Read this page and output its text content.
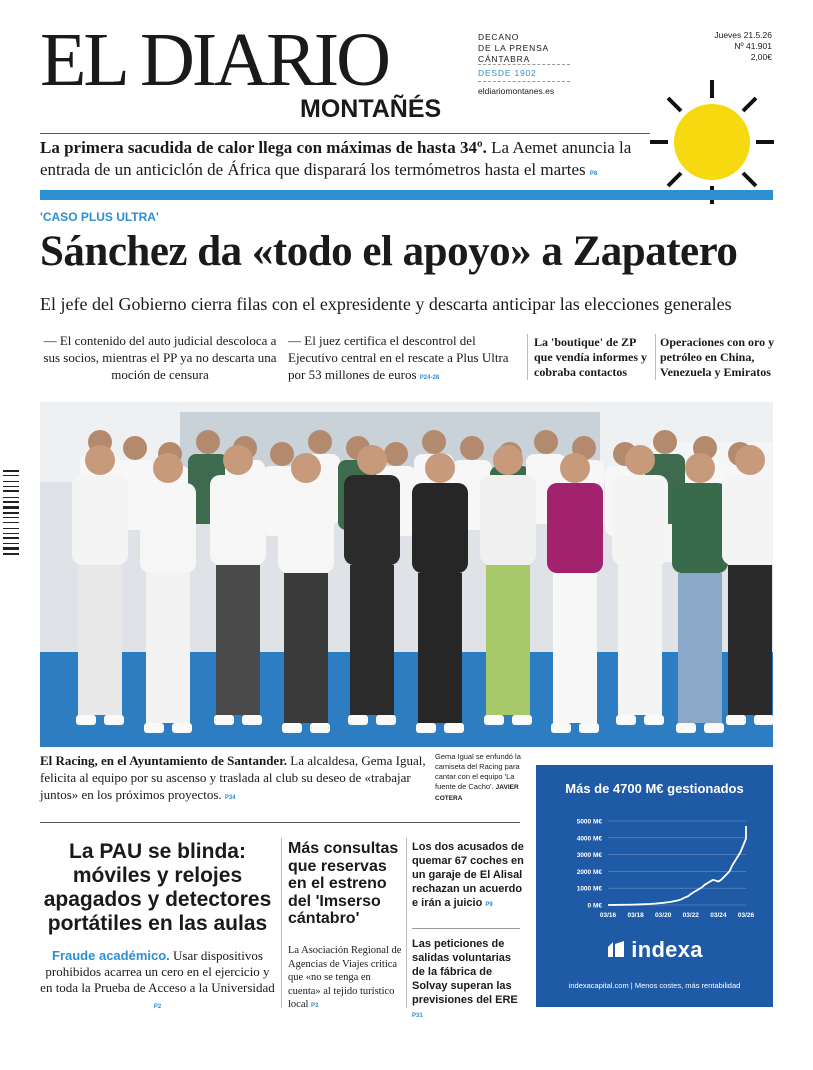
EL DIARIO
MONTAÑÉS
DECANO
DE LA PRENSA
CÁNTABRA
DESDE 1902
eldiariomontanes.es
Jueves 21.5.26
Nº 41.901
2,00€
La primera sacudida de calor llega con máximas de hasta 34º. La Aemet anuncia la entrada de un anticiclón de África que disparará los termómetros hasta el martes P8
'CASO PLUS ULTRA'
Sánchez da «todo el apoyo» a Zapatero
El jefe del Gobierno cierra filas con el expresidente y descarta anticipar las elecciones generales
— El contenido del auto judicial descoloca a sus socios, mientras el PP ya no descarta una moción de censura
— El juez certifica el descontrol del Ejecutivo central en el rescate a Plus Ultra por 53 millones de euros P24-28
La 'boutique' de ZP que vendía informes y cobraba contactos
Operaciones con oro y petróleo en China, Venezuela y Emiratos
El Racing, en el Ayuntamiento de Santander. La alcaldesa, Gema Igual, felicita al equipo por su ascenso y traslada al club su deseo de «trabajar juntos» en los próximos proyectos. P34
Gema Igual se enfundó la camiseta del Racing para cantar con el equipo 'La fuente de Cacho'. JAVIER COTERA
Más de 4700 M€ gestionados
0 M€
1000 M€
2000 M€
3000 M€
4000 M€
5000 M€
03/16 03/18 03/20 03/22 03/24 03/26
indexa
indexacapital.com | Menos costes, más rentabilidad
La PAU se blinda: móviles y relojes apagados y detectores portátiles en las aulas
Fraude académico. Usar dispositivos prohibidos acarrea un cero en el ejercicio y en toda la Prueba de Acceso a la Universidad P2
Más consultas que reservas en el estreno del 'Imserso cántabro'
La Asociación Regional de Agencias de Viajes critica que «no se tenga en cuenta» al tejido turístico local P3
Los dos acusados de quemar 67 coches en un garaje de El Alisal rechazan un acuerdo e irán a juicio P9
Las peticiones de salidas voluntarias de la fábrica de Solvay superan las previsiones del ERE P31
